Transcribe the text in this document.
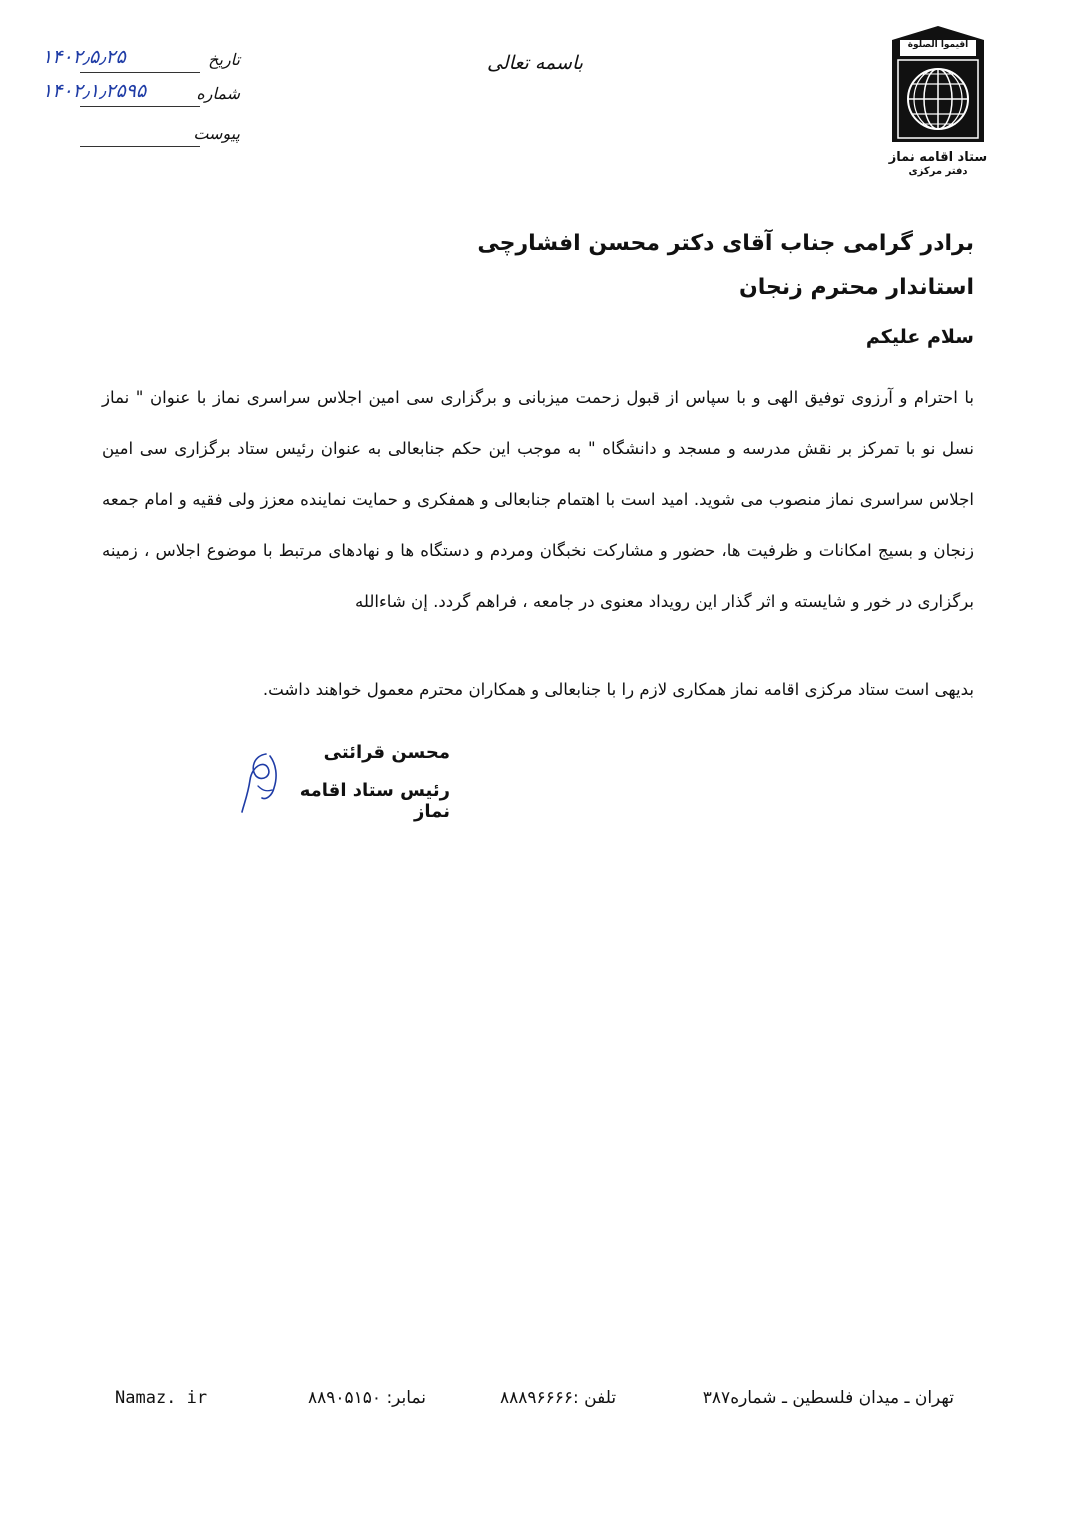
أقيموا الصلوة
ستاد اقامه نماز
دفتر مرکزی
باسمه تعالی
تاریخ
۱۴۰۲٫۵٫۲۵
شماره
۱۴۰۲٫۱٫۲۵۹۵
پیوست
برادر گرامی جناب آقای دکتر محسن افشارچی
استاندار محترم زنجان
سلام علیکم
با احترام و آرزوی توفیق الهی و با سپاس از قبول زحمت میزبانی و برگزاری سی امین اجلاس سراسری نماز با عنوان " نماز نسل نو با تمرکز بر نقش مدرسه و مسجد و دانشگاه " به موجب این حکم جنابعالی به عنوان رئیس ستاد برگزاری سی امین اجلاس سراسری نماز منصوب می شوید. امید است با اهتمام جنابعالی و همفکری و حمایت نماینده معزز ولی فقیه و امام جمعه زنجان و بسیج امکانات و ظرفیت ها، حضور و مشارکت نخبگان ومردم و دستگاه ها و نهادهای مرتبط با موضوع اجلاس ، زمینه برگزاری در خور و شایسته و اثر گذار این رویداد معنوی در جامعه ، فراهم گردد. إن شاءالله
بدیهی است ستاد مرکزی اقامه نماز همکاری لازم را با جنابعالی و همکاران محترم معمول خواهند داشت.
محسن قرائتی
رئیس ستاد اقامه نماز
تهران ـ میدان فلسطین ـ شماره۳۸۷
تلفن :۸۸۸۹۶۶۶۶
نمابر: ۸۸۹۰۵۱۵۰
Namaz. ir
